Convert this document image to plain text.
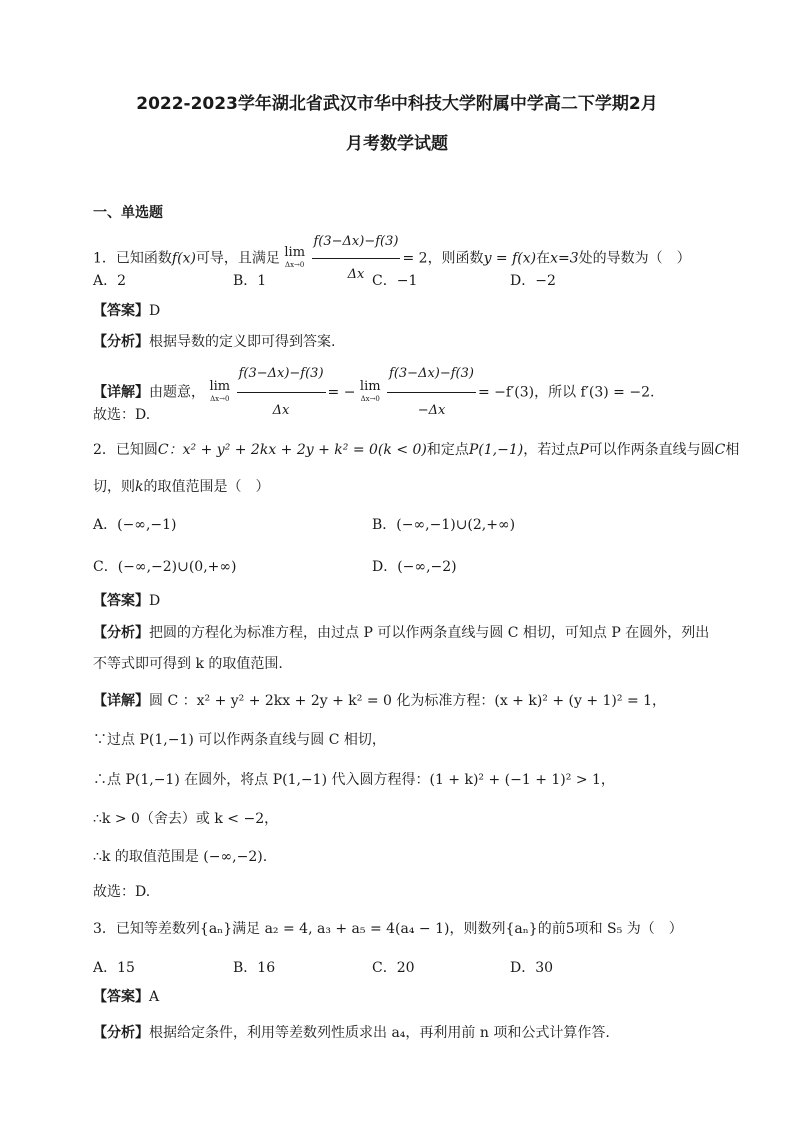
2022-2023学年湖北省武汉市华中科技大学附属中学高二下学期2月
月考数学试题
一、单选题
1．已知函数f(x)可导，且满足 lim
Δx→0
$\frac{f(3-\Delta x)-f(3)}{\Delta x} = 2$，则函数y = f(x)在x=3处的导数为（　）
A．2	B．1	C．−1	D．−2
【答案】D
【分析】根据导数的定义即可得到答案.
【详解】由题意， lim
Δx→0
$\frac{f(3-\Delta x)-f(3)}{\Delta x}$ = − lim
Δx→0
$\frac{f(3-\Delta x)-f(3)}{-\Delta x} = -f'(3)$，所以 f′(3) = −2.
故选：D.
2．已知圆C：x² + y² + 2kx + 2y + k² = 0(k < 0)和定点P(1,−1)，若过点P可以作两条直线与圆C相
切，则k的取值范围是（　）
A．(−∞,−1)	B．(−∞,−1)∪(2,+∞)
C．(−∞,−2)∪(0,+∞)	D．(−∞,−2)
【答案】D
【分析】把圆的方程化为标准方程，由过点 P 可以作两条直线与圆 C 相切，可知点 P 在圆外，列出
不等式即可得到 k 的取值范围.
【详解】圆 C ：x² + y² + 2kx + 2y + k² = 0 化为标准方程：(x + k)² + (y + 1)² = 1，
∵过点 P(1,−1) 可以作两条直线与圆 C 相切，
∴点 P(1,−1) 在圆外，将点 P(1,−1) 代入圆方程得：(1 + k)² + (−1 + 1)² > 1，
∴k > 0（舍去）或 k < −2，
∴k 的取值范围是 (−∞,−2).
故选：D.
3．已知等差数列{aₙ}满足 a₂ = 4, a₃ + a₅ = 4(a₄ − 1)，则数列{aₙ}的前5项和 S₅ 为（　）
A．15	B．16	C．20	D．30
【答案】A
【分析】根据给定条件，利用等差数列性质求出 a₄，再利用前 n 项和公式计算作答.
